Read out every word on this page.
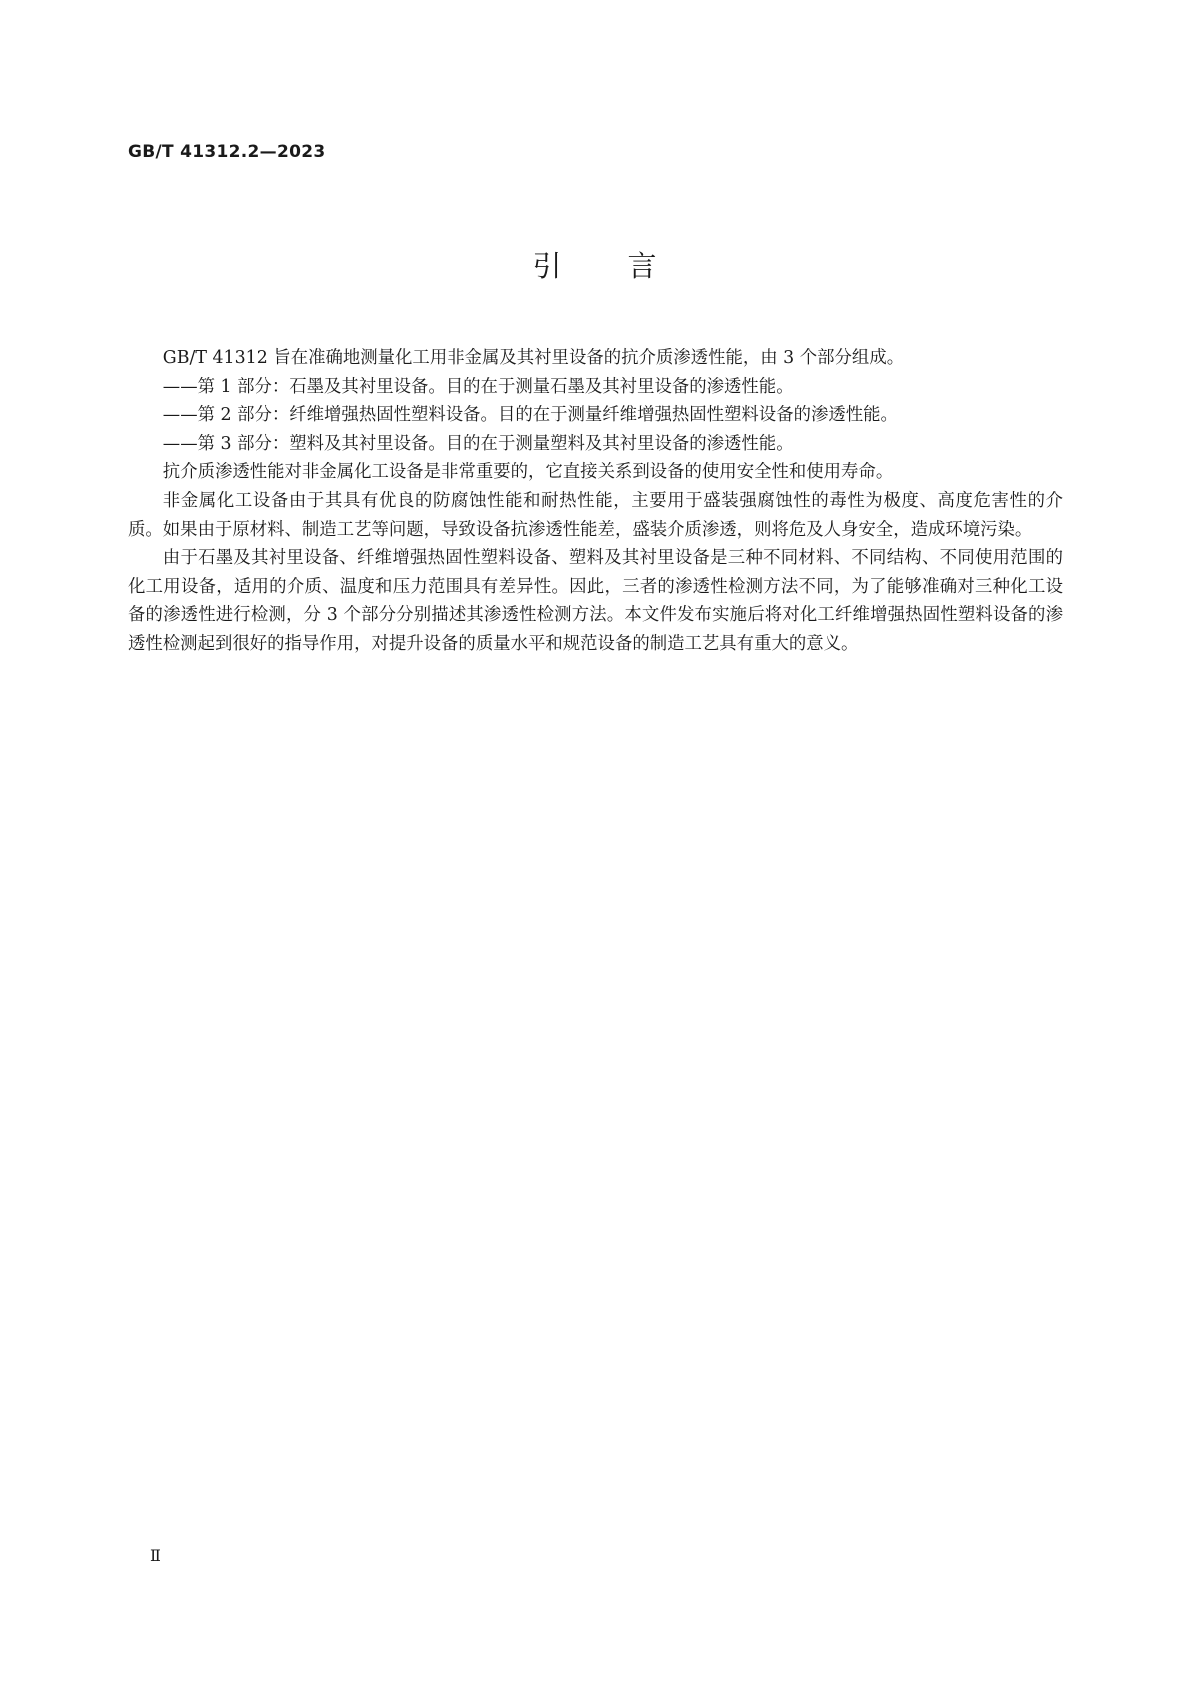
GB/T 41312.2—2023
引 言

GB/T 41312 旨在准确地测量化工用非金属及其衬里设备的抗介质渗透性能，由 3 个部分组成。

——第 1 部分：石墨及其衬里设备。目的在于测量石墨及其衬里设备的渗透性能。

——第 2 部分：纤维增强热固性塑料设备。目的在于测量纤维增强热固性塑料设备的渗透性能。

——第 3 部分：塑料及其衬里设备。目的在于测量塑料及其衬里设备的渗透性能。

抗介质渗透性能对非金属化工设备是非常重要的，它直接关系到设备的使用安全性和使用寿命。

非金属化工设备由于其具有优良的防腐蚀性能和耐热性能，主要用于盛装强腐蚀性的毒性为极度、高度危害性的介质。如果由于原材料、制造工艺等问题，导致设备抗渗透性能差，盛装介质渗透，则将危及人身安全，造成环境污染。

由于石墨及其衬里设备、纤维增强热固性塑料设备、塑料及其衬里设备是三种不同材料、不同结构、不同使用范围的化工用设备，适用的介质、温度和压力范围具有差异性。因此，三者的渗透性检测方法不同，为了能够准确对三种化工设备的渗透性进行检测，分 3 个部分分别描述其渗透性检测方法。本文件发布实施后将对化工纤维增强热固性塑料设备的渗透性检测起到很好的指导作用，对提升设备的质量水平和规范设备的制造工艺具有重大的意义。

Ⅱ
